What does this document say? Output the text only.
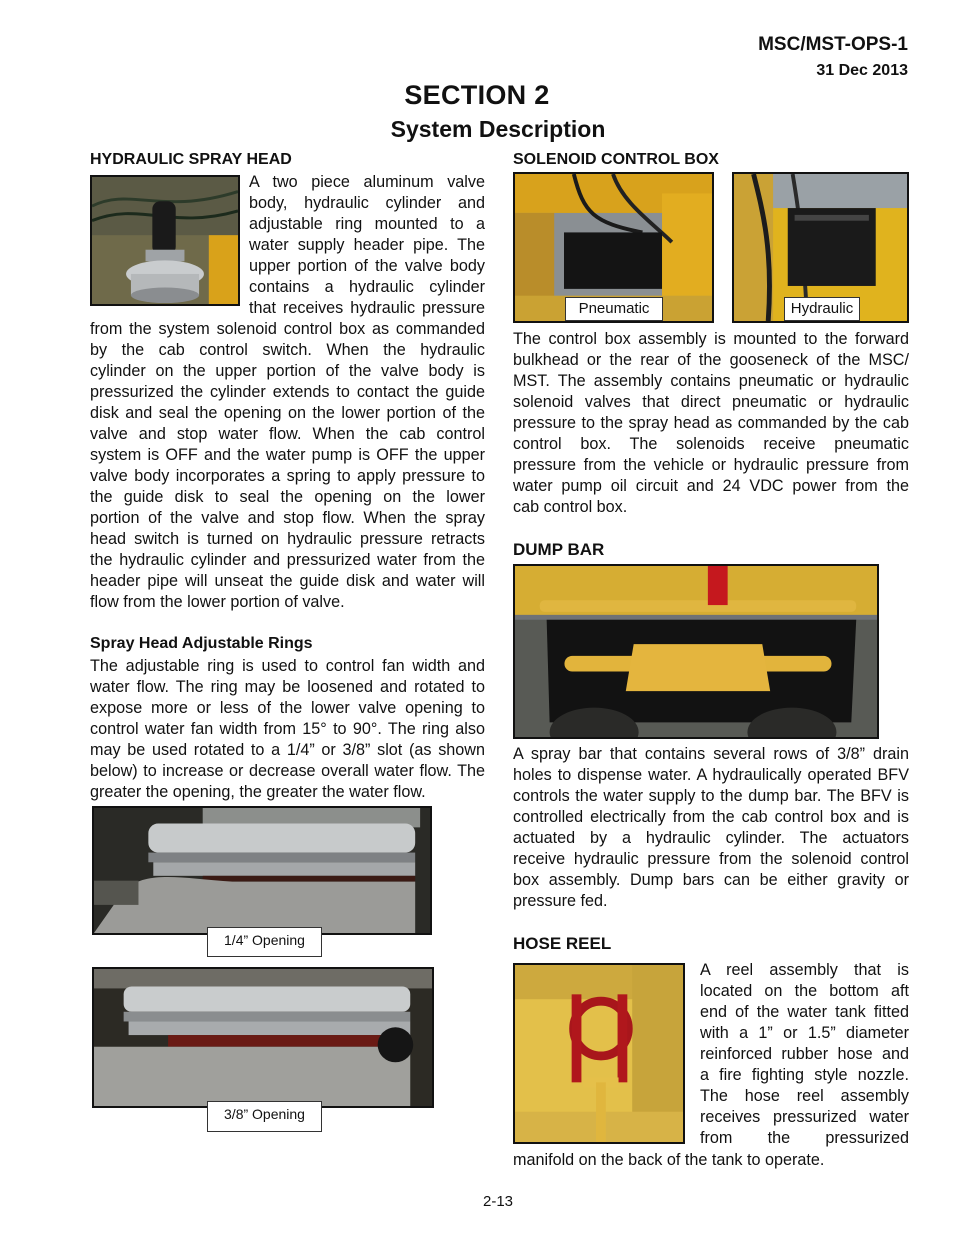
MSC/MST-OPS-1
31 Dec 2013
SECTION 2
System Description
HYDRAULIC SPRAY HEAD
A two piece aluminum valve
body, hydraulic cylinder and
adjustable ring mounted to a
water supply header pipe. The
upper portion of the valve body
contains a hydraulic cylinder
that receives hydraulic pressure
from the system solenoid control box as commanded
by the cab control switch. When the hydraulic
cylinder on the upper portion of the valve body is
pressurized the cylinder extends to contact the guide
disk and seal the opening on the lower portion of the
valve and stop water flow. When the cab control
system is OFF and the water pump is OFF the upper
valve body incorporates a spring to apply pressure to
the guide disk to seal the opening on the lower
portion of the valve and stop flow. When the spray
head switch is turned on hydraulic pressure retracts
the hydraulic cylinder and pressurized water from the
header pipe will unseat the guide disk and water will
flow from the lower portion of valve.
Spray Head Adjustable Rings
The adjustable ring is used to control fan width and
water flow. The ring may be loosened and rotated to
expose more or less of the lower valve opening to
control water fan width from 15° to 90°. The ring also
may be used rotated to a 1/4” or 3/8” slot (as shown
below) to increase or decrease overall water flow. The
greater the opening, the greater the water flow.
1/4” Opening
3/8” Opening
SOLENOID CONTROL BOX
Pneumatic	Hydraulic
The control box assembly is mounted to the forward
bulkhead or the rear of the gooseneck of the MSC/
MST. The assembly contains pneumatic or hydraulic
solenoid valves that direct pneumatic or hydraulic
pressure to the spray head as commanded by the cab
control box. The solenoids receive pneumatic
pressure from the vehicle or hydraulic pressure from
water pump oil circuit and 24 VDC power from the
cab control box.
DUMP BAR
A spray bar that contains several rows of 3/8” drain
holes to dispense water. A hydraulically operated BFV
controls the water supply to the dump bar. The BFV is
controlled electrically from the cab control box and is
actuated by a hydraulic cylinder. The actuators
receive hydraulic pressure from the solenoid control
box assembly. Dump bars can be either gravity or
pressure fed.
HOSE REEL
A reel assembly that is
located on the bottom aft
end of the water tank fitted
with a 1” or 1.5” diameter
reinforced rubber hose and
a fire fighting style nozzle.
The hose reel assembly
receives pressurized water
from the pressurized
manifold on the back of the tank to operate.
2-13
